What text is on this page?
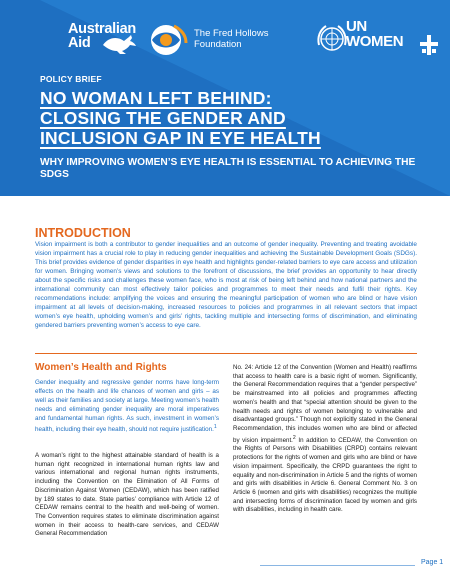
Australian
Aid
The Fred Hollows
Foundation
UN
WOMEN
POLICY BRIEF
NO WOMAN LEFT BEHIND:
CLOSING THE GENDER AND
INCLUSION GAP IN EYE HEALTH
WHY IMPROVING WOMEN’S EYE HEALTH IS ESSENTIAL TO ACHIEVING THE SDGS
INTRODUCTION
Vision impairment is both a contributor to gender inequalities and an outcome of gender inequality. Preventing and treating avoidable vision impairment has a crucial role to play in reducing gender inequalities and achieving the Sustainable Development Goals (SDGs). This brief provides evidence of gender disparities in eye health and highlights gender-related barriers to eye care access and utilization for women. Bringing women’s views and solutions to the forefront of discussions, the brief provides an opportunity to hear directly about the specific risks and challenges these women face, who is most at risk of being left behind and how national partners and the international community can most effectively tailor policies and programmes to meet their needs and fulfil their rights. Key recommendations include: amplifying the voices and ensuring the meaningful participation of women who are blind or have vision impairment at all levels of decision-making, increased resources to policies and programmes in all relevant sectors that impact women’s eye health, upholding women’s and girls’ rights, tackling multiple and intersecting forms of discrimination, and eliminating gendered barriers preventing women’s access to eye care.
Women’s Health and Rights
Gender inequality and regressive gender norms have long-term effects on the health and life chances of women and girls – as well as their families and society at large. Meeting women’s health needs and eliminating gender inequality are moral imperatives and fundamental human rights. As such, investment in women’s health, including their eye health, should not require justification.$^1$
A woman’s right to the highest attainable standard of health is a human right recognized in international human rights law and various international and regional human rights instruments, including the Convention on the Elimination of All Forms of Discrimination Against Women (CEDAW), which has been ratified by 189 states to date. State parties’ compliance with Article 12 of CEDAW remains central to the health and well-being of women. The Convention requires states to eliminate discrimination against women in their access to health-care services, and CEDAW General Recommendation
No. 24: Article 12 of the Convention (Women and Health) reaffirms that access to health care is a basic right of women. Significantly, the General Recommendation requires that a “gender perspective” be mainstreamed into all policies and programmes affecting women’s health and that “special attention should be given to the health needs and rights of women belonging to vulnerable and disadvantaged groups.” Though not explicitly stated in the General Recommendation, this includes women who are blind or affected by vision impairment.$^2$ In addition to CEDAW, the Convention on the Rights of Persons with Disabilities (CRPD) contains relevant protections for the rights of women and girls who are blind or have vision impairment. Specifically, the CRPD guarantees the right to equality and non-discrimination in Article 5 and the rights of women and girls with disabilities in Article 6. General Comment No. 3 on Article 6 (women and girls with disabilities) recognizes the multiple and intersecting forms of discrimination faced by women and girls with disabilities, including in health care.
Page 1
